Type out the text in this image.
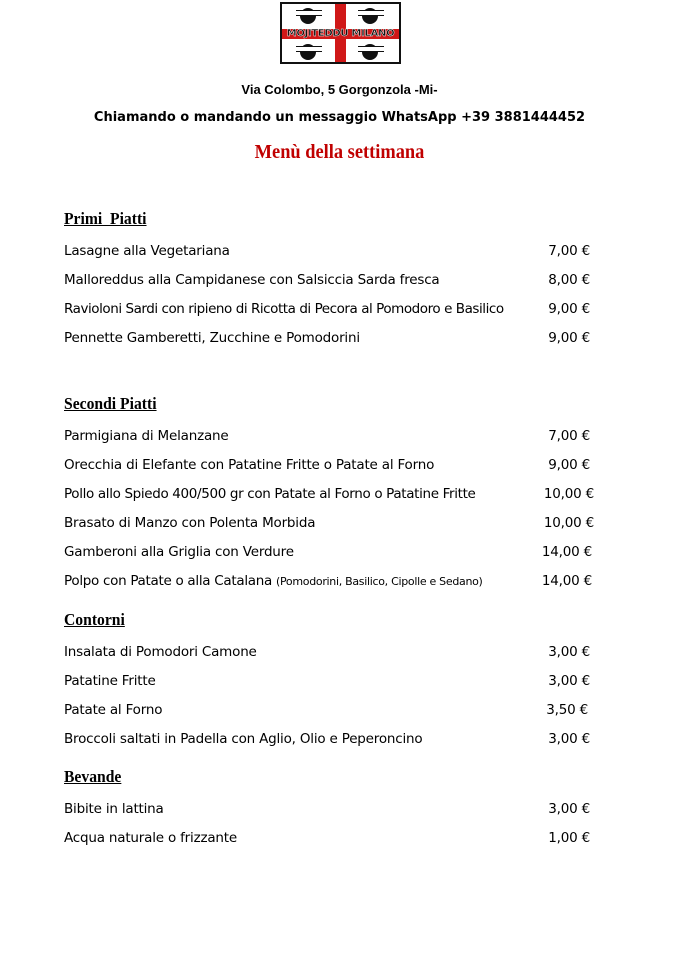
MOJITEDDU MILANO
Via Colombo, 5 Gorgonzola -Mi-
Chiamando o mandando un messaggio WhatsApp +39 3881444452
Menù della settimana
Primi  Piatti
Lasagne alla Vegetariana	7,00 €
Malloreddus alla Campidanese con Salsiccia Sarda fresca	8,00 €
Ravioloni Sardi con ripieno di Ricotta di Pecora al Pomodoro e Basilico	9,00 €
Pennette Gamberetti, Zucchine e Pomodorini	9,00 €
Secondi Piatti
Parmigiana di Melanzane	7,00 €
Orecchia di Elefante con Patatine Fritte o Patate al Forno	9,00 €
Pollo allo Spiedo 400/500 gr con Patate al Forno o Patatine Fritte	10,00 €
Brasato di Manzo con Polenta Morbida	10,00 €
Gamberoni alla Griglia con Verdure	14,00 €
Polpo con Patate o alla Catalana (Pomodorini, Basilico, Cipolle e Sedano)	14,00 €
Contorni
Insalata di Pomodori Camone	3,00 €
Patatine Fritte	3,00 €
Patate al Forno	3,50 €
Broccoli saltati in Padella con Aglio, Olio e Peperoncino	3,00 €
Bevande
Bibite in lattina	3,00 €
Acqua naturale o frizzante	1,00 €
